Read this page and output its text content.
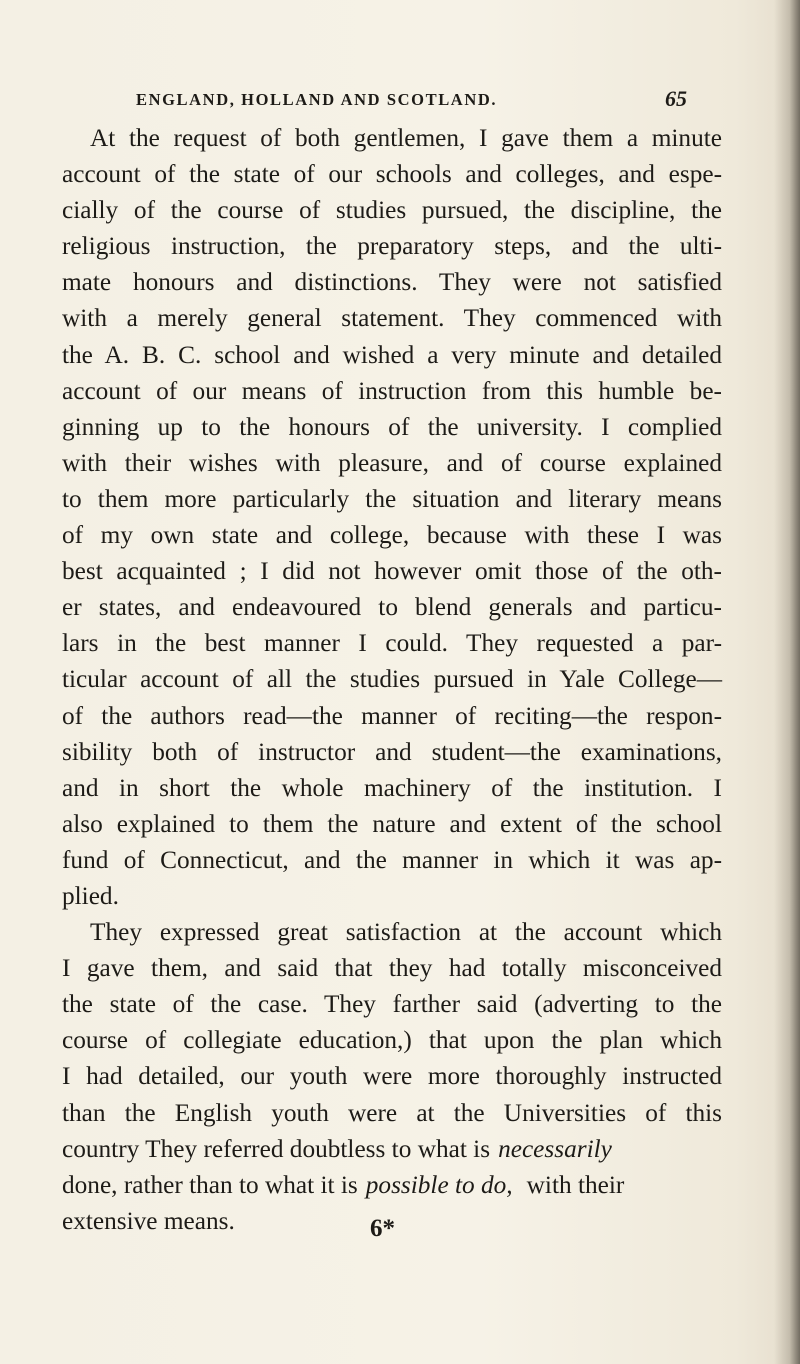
ENGLAND, HOLLAND AND SCOTLAND.	65
At the request of both gentlemen, I gave them a minute
account of the state of our schools and colleges, and espe-
cially of the course of studies pursued, the discipline, the
religious instruction, the preparatory steps, and the ulti-
mate honours and distinctions. They were not satisfied
with a merely general statement. They commenced with
the A. B. C. school and wished a very minute and detailed
account of our means of instruction from this humble be-
ginning up to the honours of the university. I complied
with their wishes with pleasure, and of course explained
to them more particularly the situation and literary means
of my own state and college, because with these I was
best acquainted ; I did not however omit those of the oth-
er states, and endeavoured to blend generals and particu-
lars in the best manner I could. They requested a par-
ticular account of all the studies pursued in Yale College—
of the authors read—the manner of reciting—the respon-
sibility both of instructor and student—the examinations,
and in short the whole machinery of the institution. I
also explained to them the nature and extent of the school
fund of Connecticut, and the manner in which it was ap-
plied.
They expressed great satisfaction at the account which
I gave them, and said that they had totally misconceived
the state of the case. They farther said (adverting to the
course of collegiate education,) that upon the plan which
I had detailed, our youth were more thoroughly instructed
than the English youth were at the Universities of this
country They referred doubtless to what is necessarily
done, rather than to what it is possible to do, with their
extensive means.	6*
